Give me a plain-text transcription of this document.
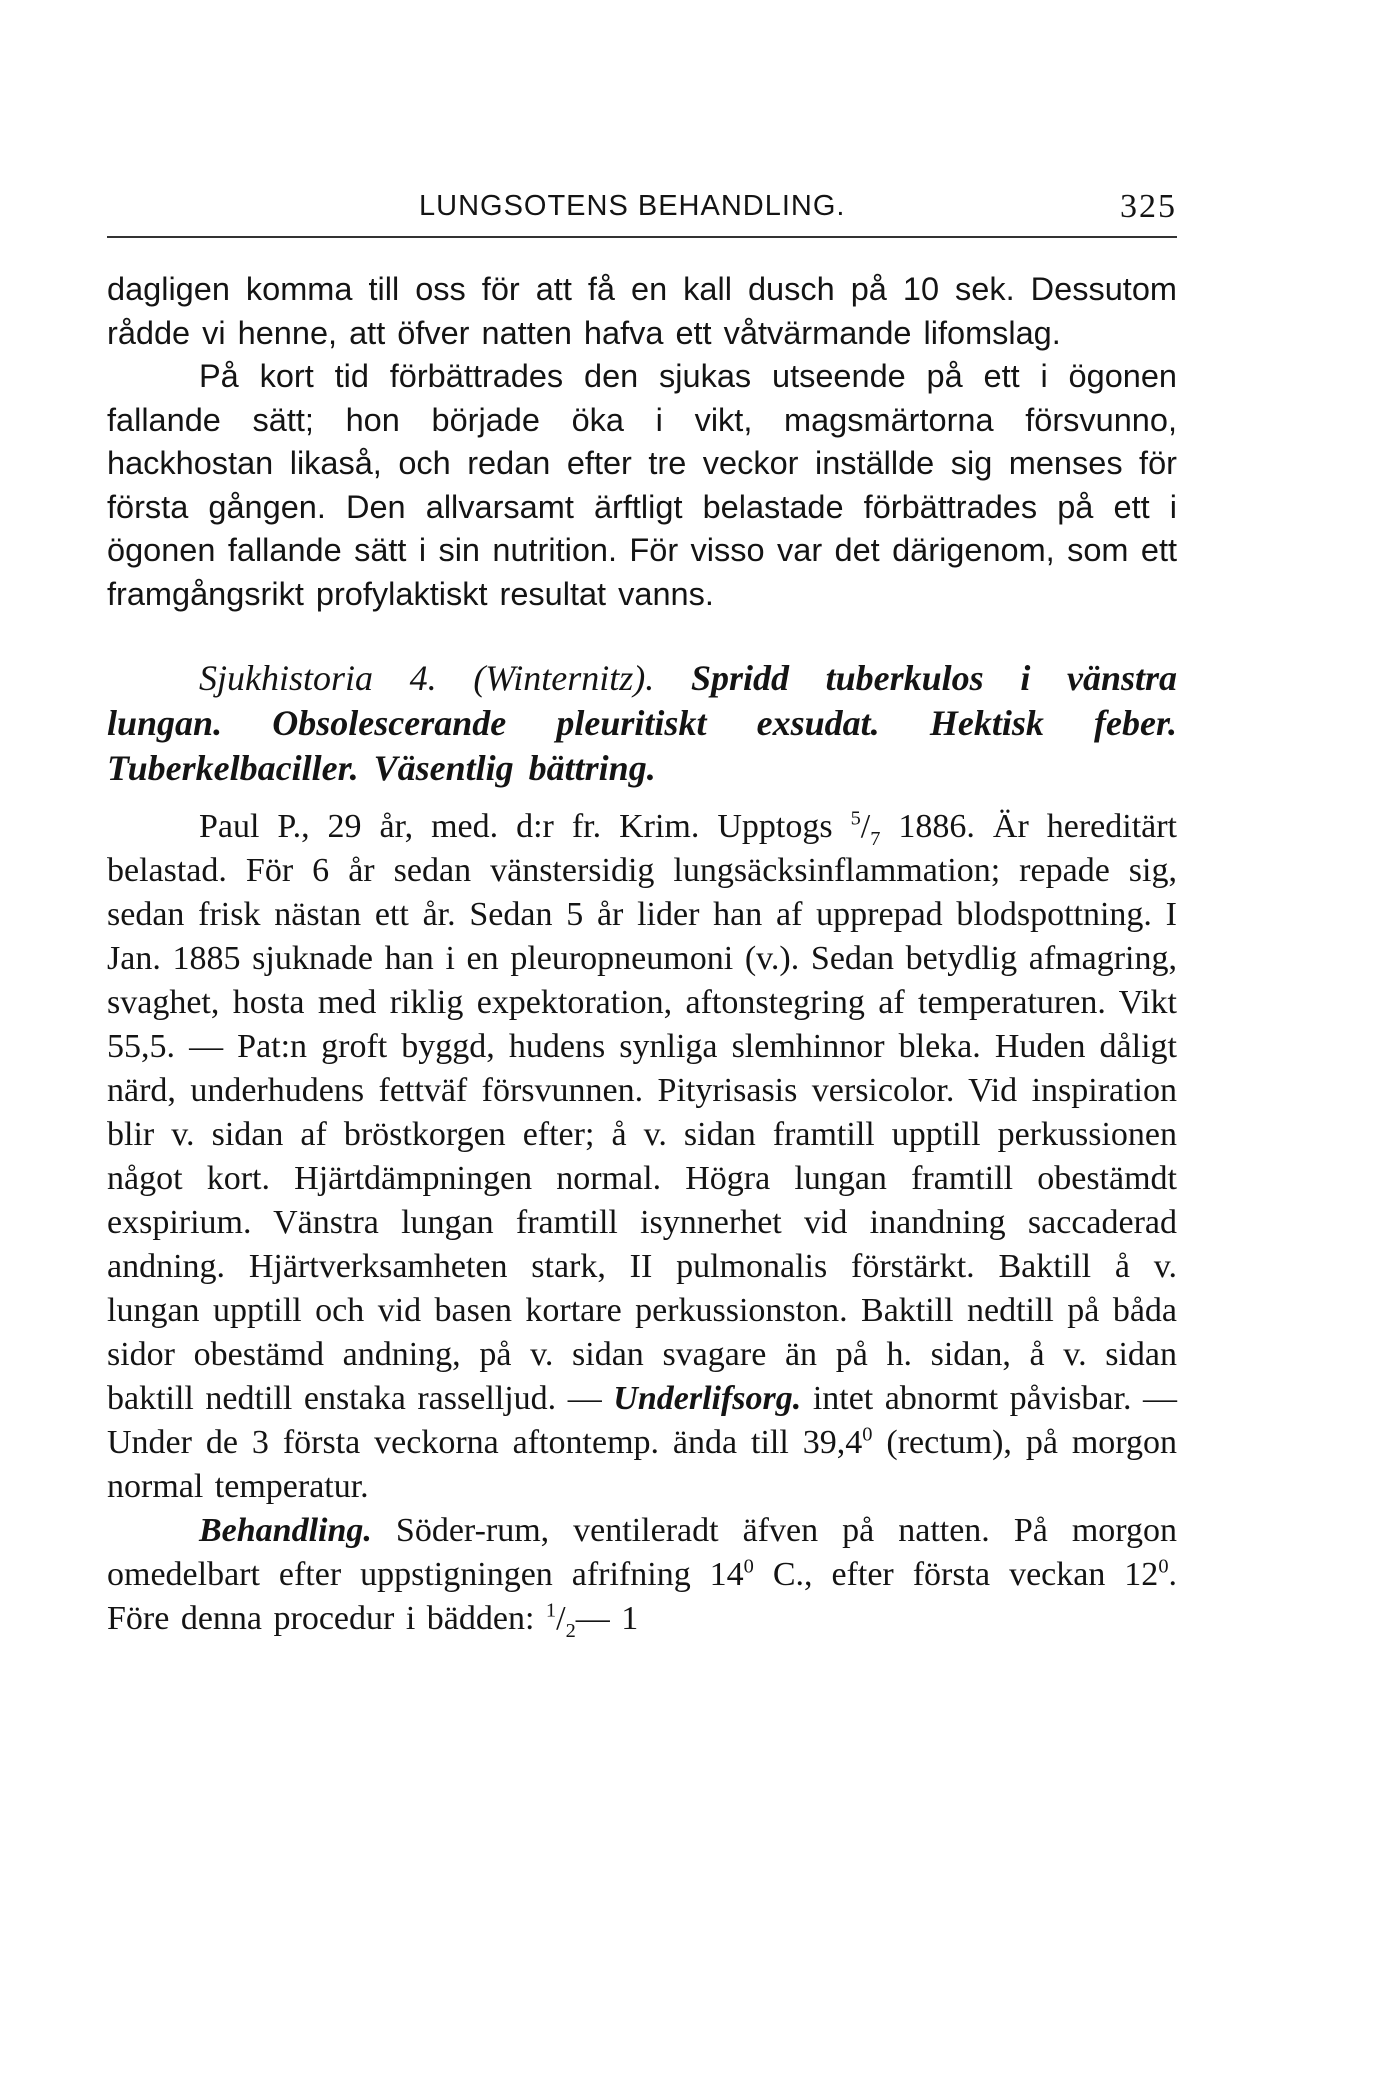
LUNGSOTENS BEHANDLING.	325

dagligen komma till oss för att få en kall dusch på 10 sek. Dessutom rådde vi henne, att öfver natten hafva ett våtvärmande lifomslag.

På kort tid förbättrades den sjukas utseende på ett i ögonen fallande sätt; hon började öka i vikt, magsmärtorna försvunno, hackhostan likaså, och redan efter tre veckor inställde sig menses för första gången. Den allvarsamt ärftligt belastade förbättrades på ett i ögonen fallande sätt i sin nutrition. För visso var det därigenom, som ett framgångsrikt profylaktiskt resultat vanns.

Sjukhistoria 4. (Winternitz). Spridd tuberkulos i vänstra lungan. Obsolescerande pleuritiskt exsudat. Hektisk feber. Tuberkelbaciller. Väsentlig bättring.

Paul P., 29 år, med. d:r fr. Krim. Upptogs $^5/_7$ 1886. Är hereditärt belastad. För 6 år sedan vänstersidig lungsäcksinflammation; repade sig, sedan frisk nästan ett år. Sedan 5 år lider han af upprepad blodspottning. I Jan. 1885 sjuknade han i en pleuropneumoni (v.). Sedan betydlig afmagring, svaghet, hosta med riklig expektoration, aftonstegring af temperaturen. Vikt 55,5. — Pat:n groft byggd, hudens synliga slemhinnor bleka. Huden dåligt närd, underhudens fettväf försvunnen. Pityrisasis versicolor. Vid inspiration blir v. sidan af bröstkorgen efter; å v. sidan framtill upptill perkussionen något kort. Hjärtdämpningen normal. Högra lungan framtill obestämdt exspirium. Vänstra lungan framtill isynnerhet vid inandning saccaderad andning. Hjärtverksamheten stark, II pulmonalis förstärkt. Baktill å v. lungan upptill och vid basen kortare perkussionston. Baktill nedtill på båda sidor obestämd andning, på v. sidan svagare än på h. sidan, å v. sidan baktill nedtill enstaka rasselljud. — Underlifsorg. intet abnormt påvisbar. — Under de 3 första veckorna aftontemp. ända till 39,4$^0$ (rectum), på morgon normal temperatur.

Behandling. Söder-rum, ventileradt äfven på natten. På morgon omedelbart efter uppstigningen afrifning $14^0$ C., efter första veckan $12^0$. Före denna procedur i bädden: $^1/_2—$ 1
